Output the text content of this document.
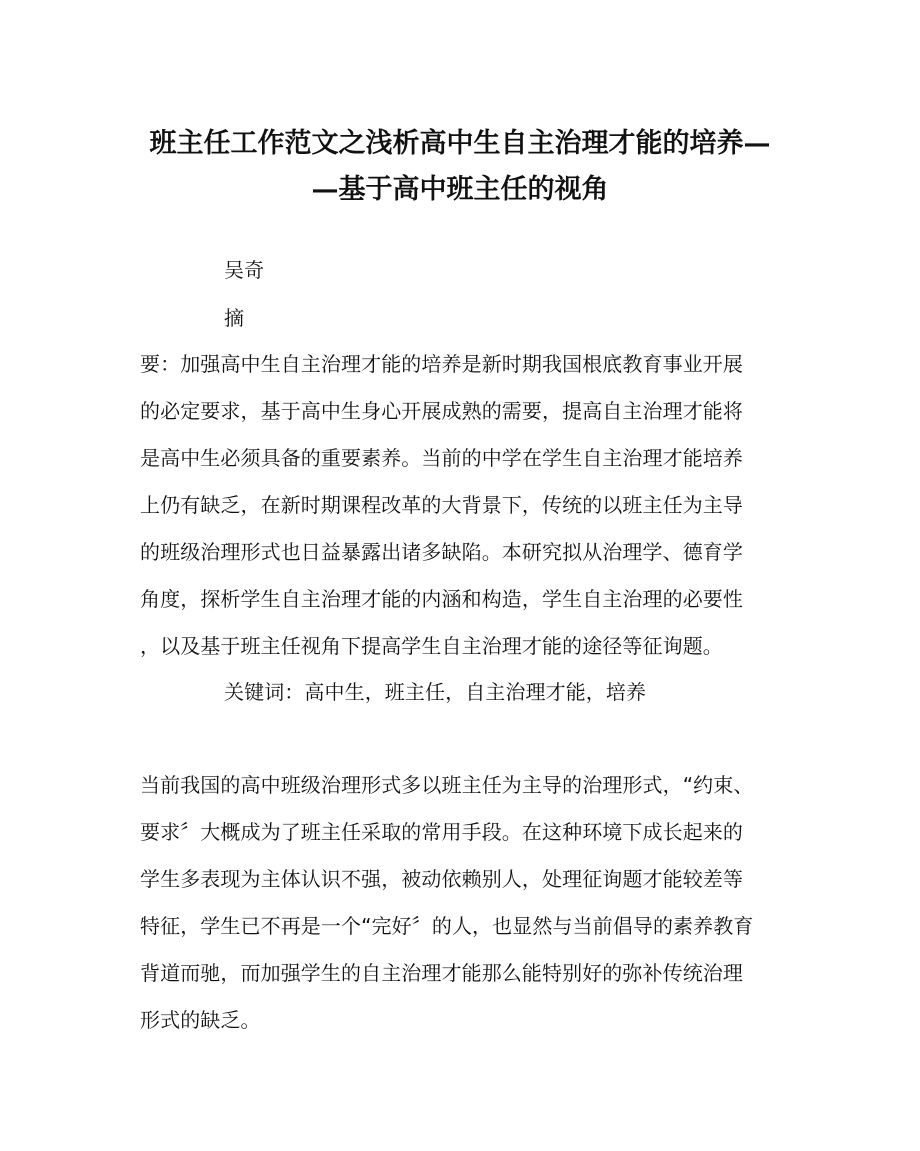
班主任工作范文之浅析高中生自主治理才能的培养—
—基于高中班主任的视角
吴奇
摘
要：加强高中生自主治理才能的培养是新时期我国根底教育事业开展
的必定要求，基于高中生身心开展成熟的需要，提高自主治理才能将
是高中生必须具备的重要素养。当前的中学在学生自主治理才能培养
上仍有缺乏，在新时期课程改革的大背景下，传统的以班主任为主导
的班级治理形式也日益暴露出诸多缺陷。本研究拟从治理学、德育学
角度，探析学生自主治理才能的内涵和构造，学生自主治理的必要性
，以及基于班主任视角下提高学生自主治理才能的途径等征询题。
关键词：高中生，班主任，自主治理才能，培养
当前我国的高中班级治理形式多以班主任为主导的治理形式，“约束、
要求〞大概成为了班主任采取的常用手段。在这种环境下成长起来的
学生多表现为主体认识不强，被动依赖别人，处理征询题才能较差等
特征，学生已不再是一个“完好〞的人，也显然与当前倡导的素养教育
背道而驰，而加强学生的自主治理才能那么能特别好的弥补传统治理
形式的缺乏。
